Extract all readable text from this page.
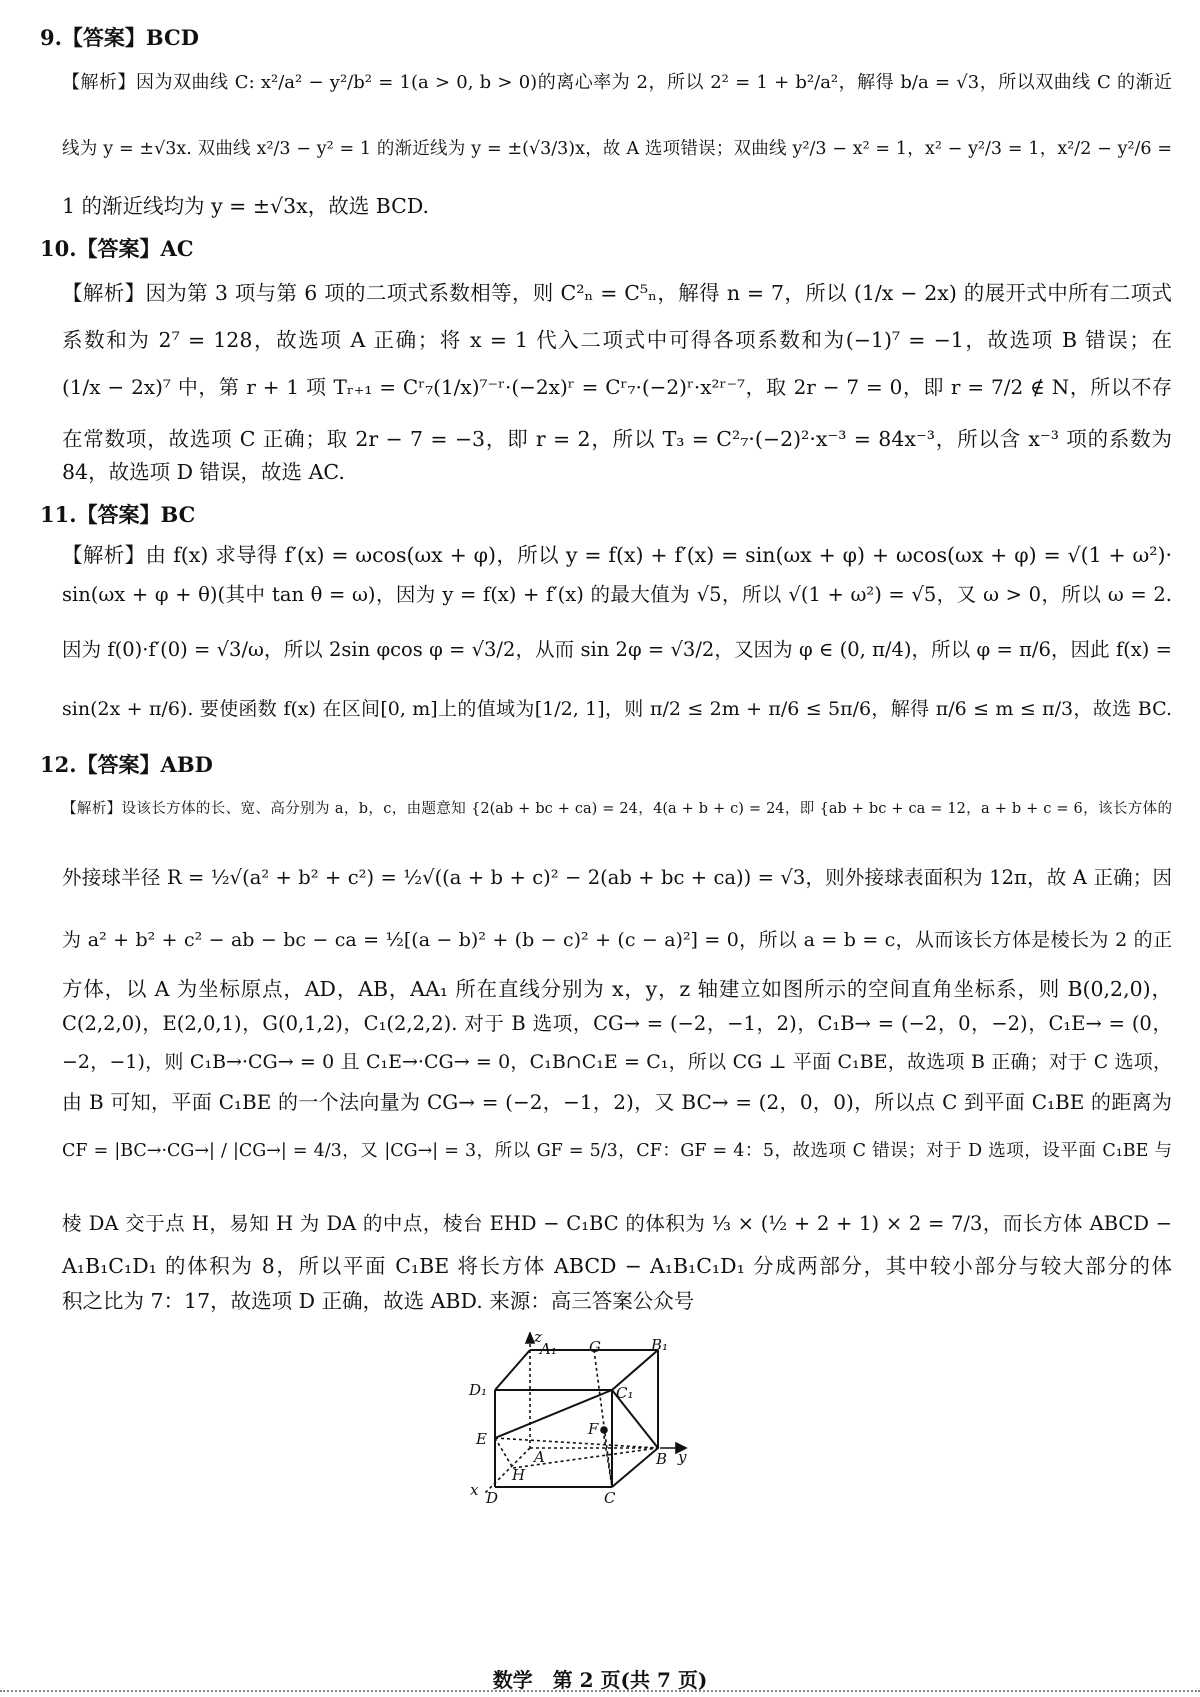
9.【答案】BCD
【解析】因为双曲线 C: x²/a² − y²/b² = 1(a > 0, b > 0)的离心率为 2，所以 2² = 1 + b²/a²，解得 b/a = √3，所以双曲线 C 的渐近
线为 y = ±√3x. 双曲线 x²/3 − y² = 1 的渐近线为 y = ±(√3/3)x，故 A 选项错误；双曲线 y²/3 − x² = 1，x² − y²/3 = 1，x²/2 − y²/6 =
1 的渐近线均为 y = ±√3x，故选 BCD.
10.【答案】AC
【解析】因为第 3 项与第 6 项的二项式系数相等，则 C²ₙ = C⁵ₙ，解得 n = 7，所以 (1/x − 2x) 的展开式中所有二项式
系数和为 2⁷ = 128，故选项 A 正确；将 x = 1 代入二项式中可得各项系数和为(−1)⁷ = −1，故选项 B 错误；在
(1/x − 2x)⁷ 中，第 r + 1 项 Tᵣ₊₁ = Cʳ₇(1/x)⁷⁻ʳ·(−2x)ʳ = Cʳ₇·(−2)ʳ·x²ʳ⁻⁷，取 2r − 7 = 0，即 r = 7/2 ∉ N，所以不存
在常数项，故选项 C 正确；取 2r − 7 = −3，即 r = 2，所以 T₃ = C²₇·(−2)²·x⁻³ = 84x⁻³，所以含 x⁻³ 项的系数为
84，故选项 D 错误，故选 AC.
11.【答案】BC
【解析】由 f(x) 求导得 f′(x) = ωcos(ωx + φ)，所以 y = f(x) + f′(x) = sin(ωx + φ) + ωcos(ωx + φ) = √(1 + ω²)·
sin(ωx + φ + θ)(其中 tan θ = ω)，因为 y = f(x) + f′(x) 的最大值为 √5，所以 √(1 + ω²) = √5，又 ω > 0，所以 ω = 2.
因为 f(0)·f′(0) = √3/ω，所以 2sin φcos φ = √3/2，从而 sin 2φ = √3/2，又因为 φ ∈ (0, π/4)，所以 φ = π/6，因此 f(x) =
sin(2x + π/6). 要使函数 f(x) 在区间[0, m]上的值域为[1/2, 1]，则 π/2 ≤ 2m + π/6 ≤ 5π/6，解得 π/6 ≤ m ≤ π/3，故选 BC.
12.【答案】ABD
【解析】设该长方体的长、宽、高分别为 a，b，c，由题意知 {2(ab + bc + ca) = 24，4(a + b + c) = 24，即 {ab + bc + ca = 12，a + b + c = 6，该长方体的
外接球半径 R = ½√(a² + b² + c²) = ½√((a + b + c)² − 2(ab + bc + ca)) = √3，则外接球表面积为 12π，故 A 正确；因
为 a² + b² + c² − ab − bc − ca = ½[(a − b)² + (b − c)² + (c − a)²] = 0，所以 a = b = c，从而该长方体是棱长为 2 的正
方体，以 A 为坐标原点，AD，AB，AA₁ 所在直线分别为 x，y，z 轴建立如图所示的空间直角坐标系，则 B(0,2,0)，
C(2,2,0)，E(2,0,1)，G(0,1,2)，C₁(2,2,2). 对于 B 选项，CG→ = (−2，−1，2)，C₁B→ = (−2，0，−2)，C₁E→ = (0，
−2，−1)，则 C₁B→·CG→ = 0 且 C₁E→·CG→ = 0，C₁B∩C₁E = C₁，所以 CG ⊥ 平面 C₁BE，故选项 B 正确；对于 C 选项，
由 B 可知，平面 C₁BE 的一个法向量为 CG→ = (−2，−1，2)，又 BC→ = (2，0，0)，所以点 C 到平面 C₁BE 的距离为
CF = |BC→·CG→| / |CG→| = 4/3，又 |CG→| = 3，所以 GF = 5/3，CF：GF = 4：5，故选项 C 错误；对于 D 选项，设平面 C₁BE 与
棱 DA 交于点 H，易知 H 为 DA 的中点，棱台 EHD − C₁BC 的体积为 ⅓ × (½ + 2 + 1) × 2 = 7/3，而长方体 ABCD −
A₁B₁C₁D₁ 的体积为 8，所以平面 C₁BE 将长方体 ABCD − A₁B₁C₁D₁ 分成两部分，其中较小部分与较大部分的体
积之比为 7：17，故选项 D 正确，故选 ABD. 来源：高三答案公众号
z
A₁ G	B₁
D₁	C₁
F
E
A	B y
H
x D	C
数学　第 2 页(共 7 页)
